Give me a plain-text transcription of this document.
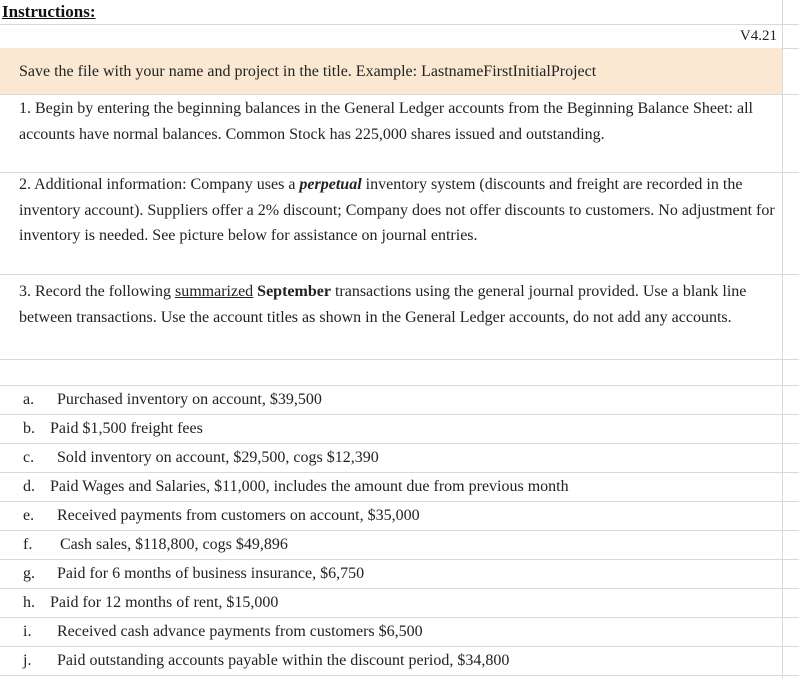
Instructions:
V4.21
Save the file with your name and project in the title. Example: LastnameFirstInitialProject
1. Begin by entering the beginning balances in the General Ledger accounts from the Beginning Balance Sheet: all accounts have normal balances. Common Stock has 225,000 shares issued and outstanding.
2. Additional information: Company uses a perpetual inventory system (discounts and freight are recorded in the inventory account). Suppliers offer a 2% discount; Company does not offer discounts to customers. No adjustment for inventory is needed. See picture below for assistance on journal entries.
3. Record the following summarized September transactions using the general journal provided. Use a blank line between transactions. Use the account titles as shown in the General Ledger accounts, do not add any accounts.
a. Purchased inventory on account, $39,500
b. Paid $1,500 freight fees
c. Sold inventory on account, $29,500, cogs $12,390
d. Paid Wages and Salaries, $11,000, includes the amount due from previous month
e. Received payments from customers on account, $35,000
f. Cash sales, $118,800, cogs $49,896
g. Paid for 6 months of business insurance, $6,750
h. Paid for 12 months of rent, $15,000
i. Received cash advance payments from customers $6,500
j. Paid outstanding accounts payable within the discount period, $34,800
